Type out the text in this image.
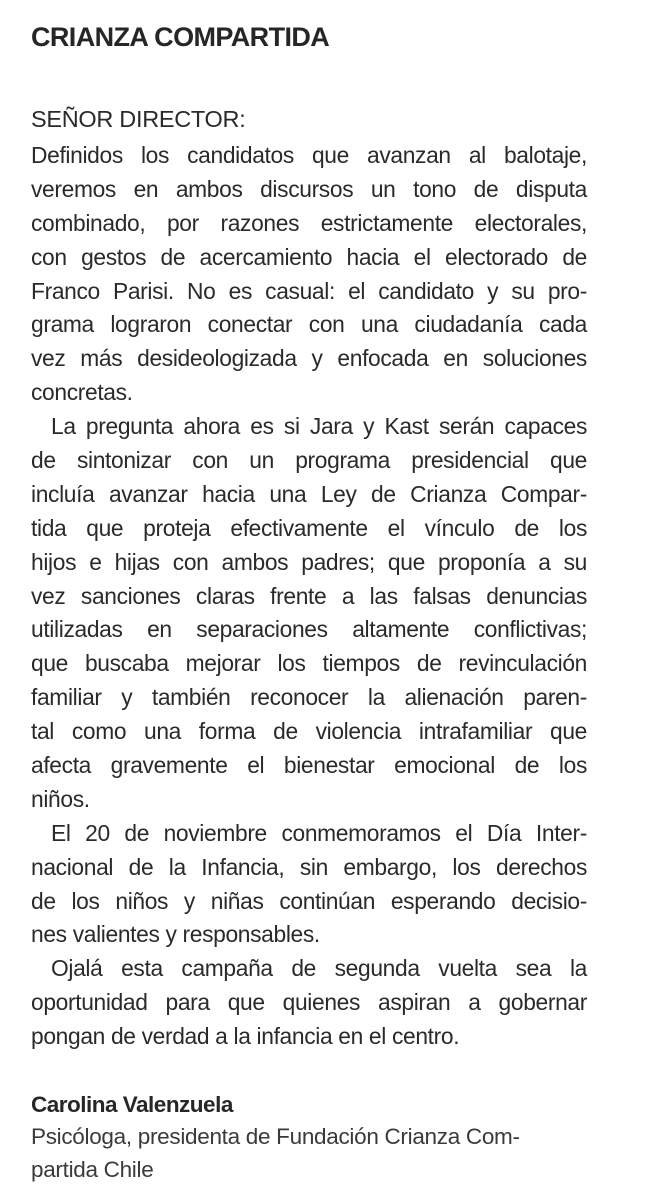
CRIANZA COMPARTIDA

SEÑOR DIRECTOR:

Definidos los candidatos que avanzan al balotaje,
veremos en ambos discursos un tono de disputa
combinado, por razones estrictamente electorales,
con gestos de acercamiento hacia el electorado de
Franco Parisi. No es casual: el candidato y su pro-
grama lograron conectar con una ciudadanía cada
vez más desideologizada y enfocada en soluciones
concretas.
La pregunta ahora es si Jara y Kast serán capaces
de sintonizar con un programa presidencial que
incluía avanzar hacia una Ley de Crianza Compar-
tida que proteja efectivamente el vínculo de los
hijos e hijas con ambos padres; que proponía a su
vez sanciones claras frente a las falsas denuncias
utilizadas en separaciones altamente conflictivas;
que buscaba mejorar los tiempos de revinculación
familiar y también reconocer la alienación paren-
tal como una forma de violencia intrafamiliar que
afecta gravemente el bienestar emocional de los
niños.
El 20 de noviembre conmemoramos el Día Inter-
nacional de la Infancia, sin embargo, los derechos
de los niños y niñas continúan esperando decisio-
nes valientes y responsables.
Ojalá esta campaña de segunda vuelta sea la
oportunidad para que quienes aspiran a gobernar
pongan de verdad a la infancia en el centro.

Carolina Valenzuela

Psicóloga, presidenta de Fundación Crianza Com-
partida Chile
